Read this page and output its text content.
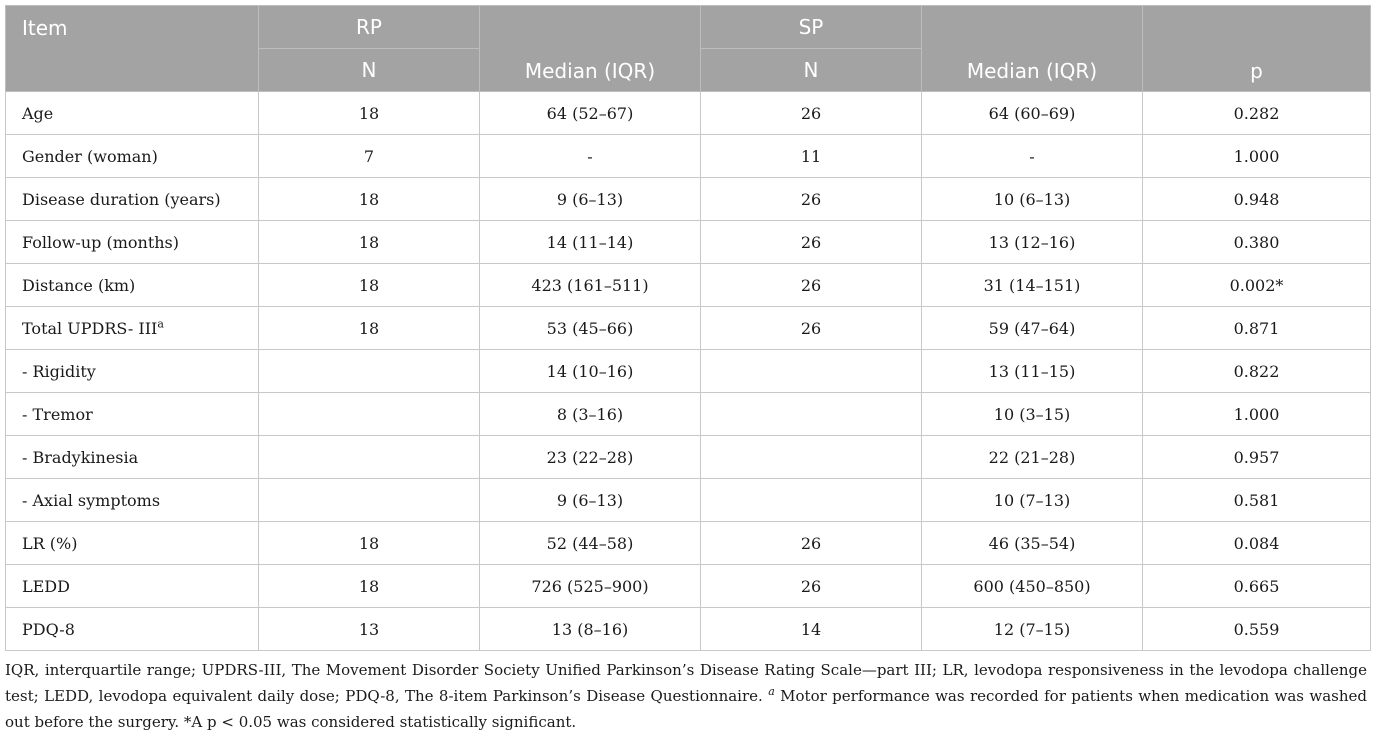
Item	RP	Median (IQR)	SP	Median (IQR)	p
	N		N		
Age	18	64 (52–67)	26	64 (60–69)	0.282
Gender (woman)	7	-	11	-	1.000
Disease duration (years)	18	9 (6–13)	26	10 (6–13)	0.948
Follow-up (months)	18	14 (11–14)	26	13 (12–16)	0.380
Distance (km)	18	423 (161–511)	26	31 (14–151)	0.002*
Total UPDRS- III$^a$	18	53 (45–66)	26	59 (47–64)	0.871
- Rigidity		14 (10–16)		13 (11–15)	0.822
- Tremor		8 (3–16)		10 (3–15)	1.000
- Bradykinesia		23 (22–28)		22 (21–28)	0.957
- Axial symptoms		9 (6–13)		10 (7–13)	0.581
LR (%)	18	52 (44–58)	26	46 (35–54)	0.084
LEDD	18	726 (525–900)	26	600 (450–850)	0.665
PDQ-8	13	13 (8–16)	14	12 (7–15)	0.559

IQR, interquartile range; UPDRS-III, The Movement Disorder Society Unified Parkinson’s Disease Rating Scale—part III; LR, levodopa responsiveness in the levodopa challenge test; LEDD, levodopa equivalent daily dose; PDQ-8, The 8-item Parkinson’s Disease Questionnaire. $^a$ Motor performance was recorded for patients when medication was washed out before the surgery. *A p < 0.05 was considered statistically significant.
